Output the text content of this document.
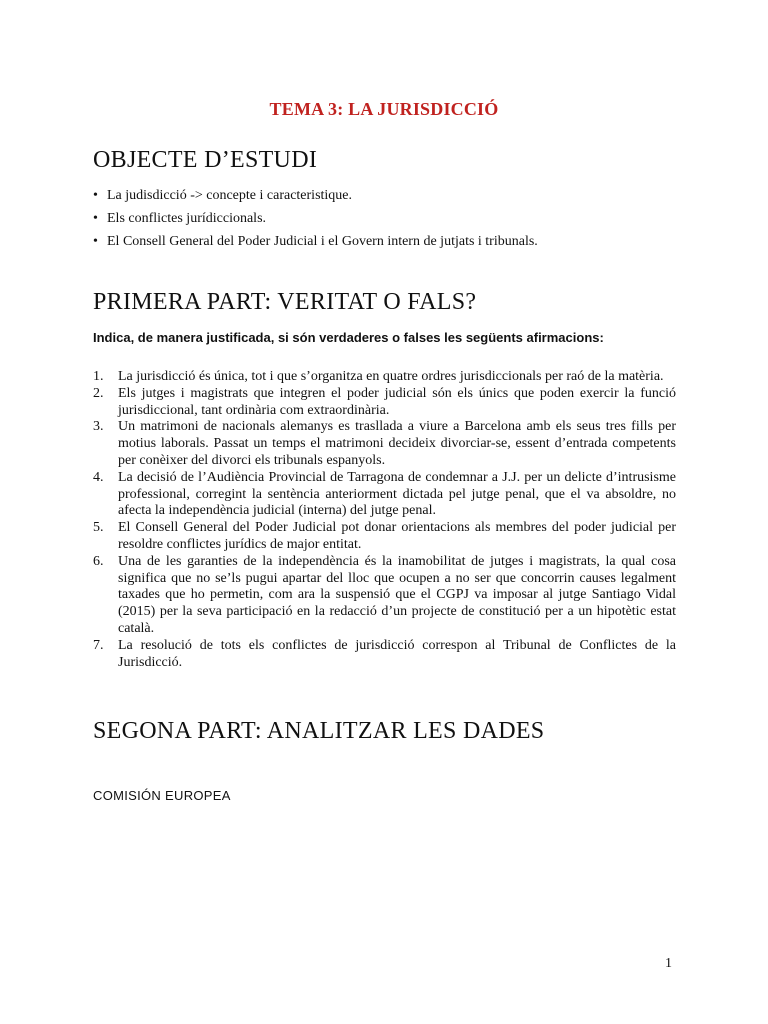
TEMA 3: LA JURISDICCIÓ
OBJECTE D’ESTUDI
• La judisdicció -> concepte i caracteristique.
• Els conflictes jurídiccionals.
• El Consell General del Poder Judicial i el Govern intern de jutjats i tribunals.
PRIMERA PART: VERITAT O FALS?
Indica, de manera justificada, si són verdaderes o falses les següents afirmacions:
1. La jurisdicció és única, tot i que s’organitza en quatre ordres jurisdiccionals per raó de la matèria.
2. Els jutges i magistrats que integren el poder judicial són els únics que poden exercir la funció jurisdiccional, tant ordinària com extraordinària.
3. Un matrimoni de nacionals alemanys es trasllada a viure a Barcelona amb els seus tres fills per motius laborals. Passat un temps el matrimoni decideix divorciar-se, essent d’entrada competents per conèixer del divorci els tribunals espanyols.
4. La decisió de l’Audiència Provincial de Tarragona de condemnar a J.J. per un delicte d’intrusisme professional, corregint la sentència anteriorment dictada pel jutge penal, que el va absoldre, no afecta la independència judicial (interna) del jutge penal.
5. El Consell General del Poder Judicial pot donar orientacions als membres del poder judicial per resoldre conflictes jurídics de major entitat.
6. Una de les garanties de la independència és la inamobilitat de jutges i magistrats, la qual cosa significa que no se’ls pugui apartar del lloc que ocupen a no ser que concorrin causes legalment taxades que ho permetin, com ara la suspensió que el CGPJ va imposar al jutge Santiago Vidal (2015) per la seva participació en la redacció d’un projecte de constitució per a un hipotètic estat català.
7. La resolució de tots els conflictes de jurisdicció correspon al Tribunal de Conflictes de la Jurisdicció.
SEGONA PART: ANALITZAR LES DADES
COMISIÓN EUROPEA
1
